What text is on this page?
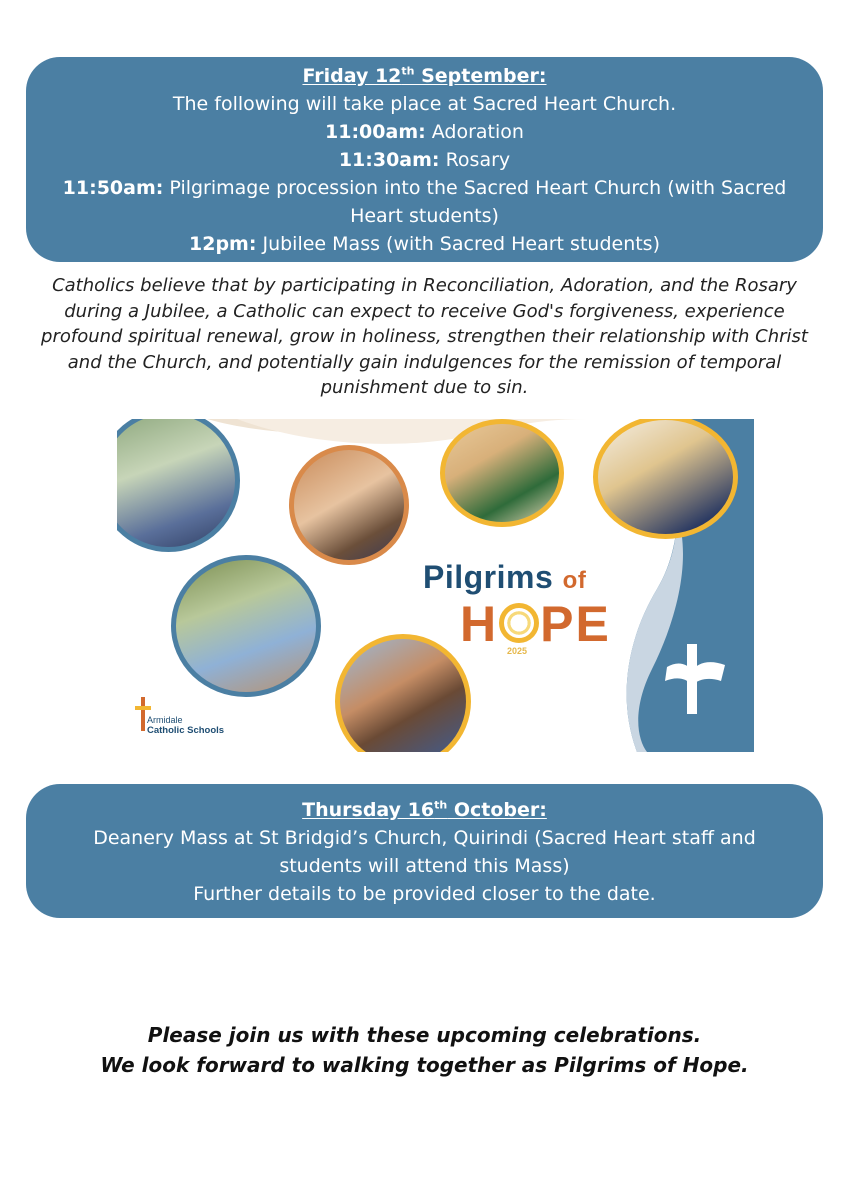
Friday 12th September:
The following will take place at Sacred Heart Church.
11:00am: Adoration
11:30am: Rosary
11:50am: Pilgrimage procession into the Sacred Heart Church (with Sacred Heart students)
12pm: Jubilee Mass (with Sacred Heart students)
Catholics believe that by participating in Reconciliation, Adoration, and the Rosary during a Jubilee, a Catholic can expect to receive God's forgiveness, experience profound spiritual renewal, grow in holiness, strengthen their relationship with Christ and the Church, and potentially gain indulgences for the remission of temporal punishment due to sin.
Pilgrims of
H PE
2025
Armidale
Catholic Schools
Thursday 16th October:
Deanery Mass at St Bridgid’s Church, Quirindi (Sacred Heart staff and students will attend this Mass)
Further details to be provided closer to the date.
Please join us with these upcoming celebrations.
We look forward to walking together as Pilgrims of Hope.
